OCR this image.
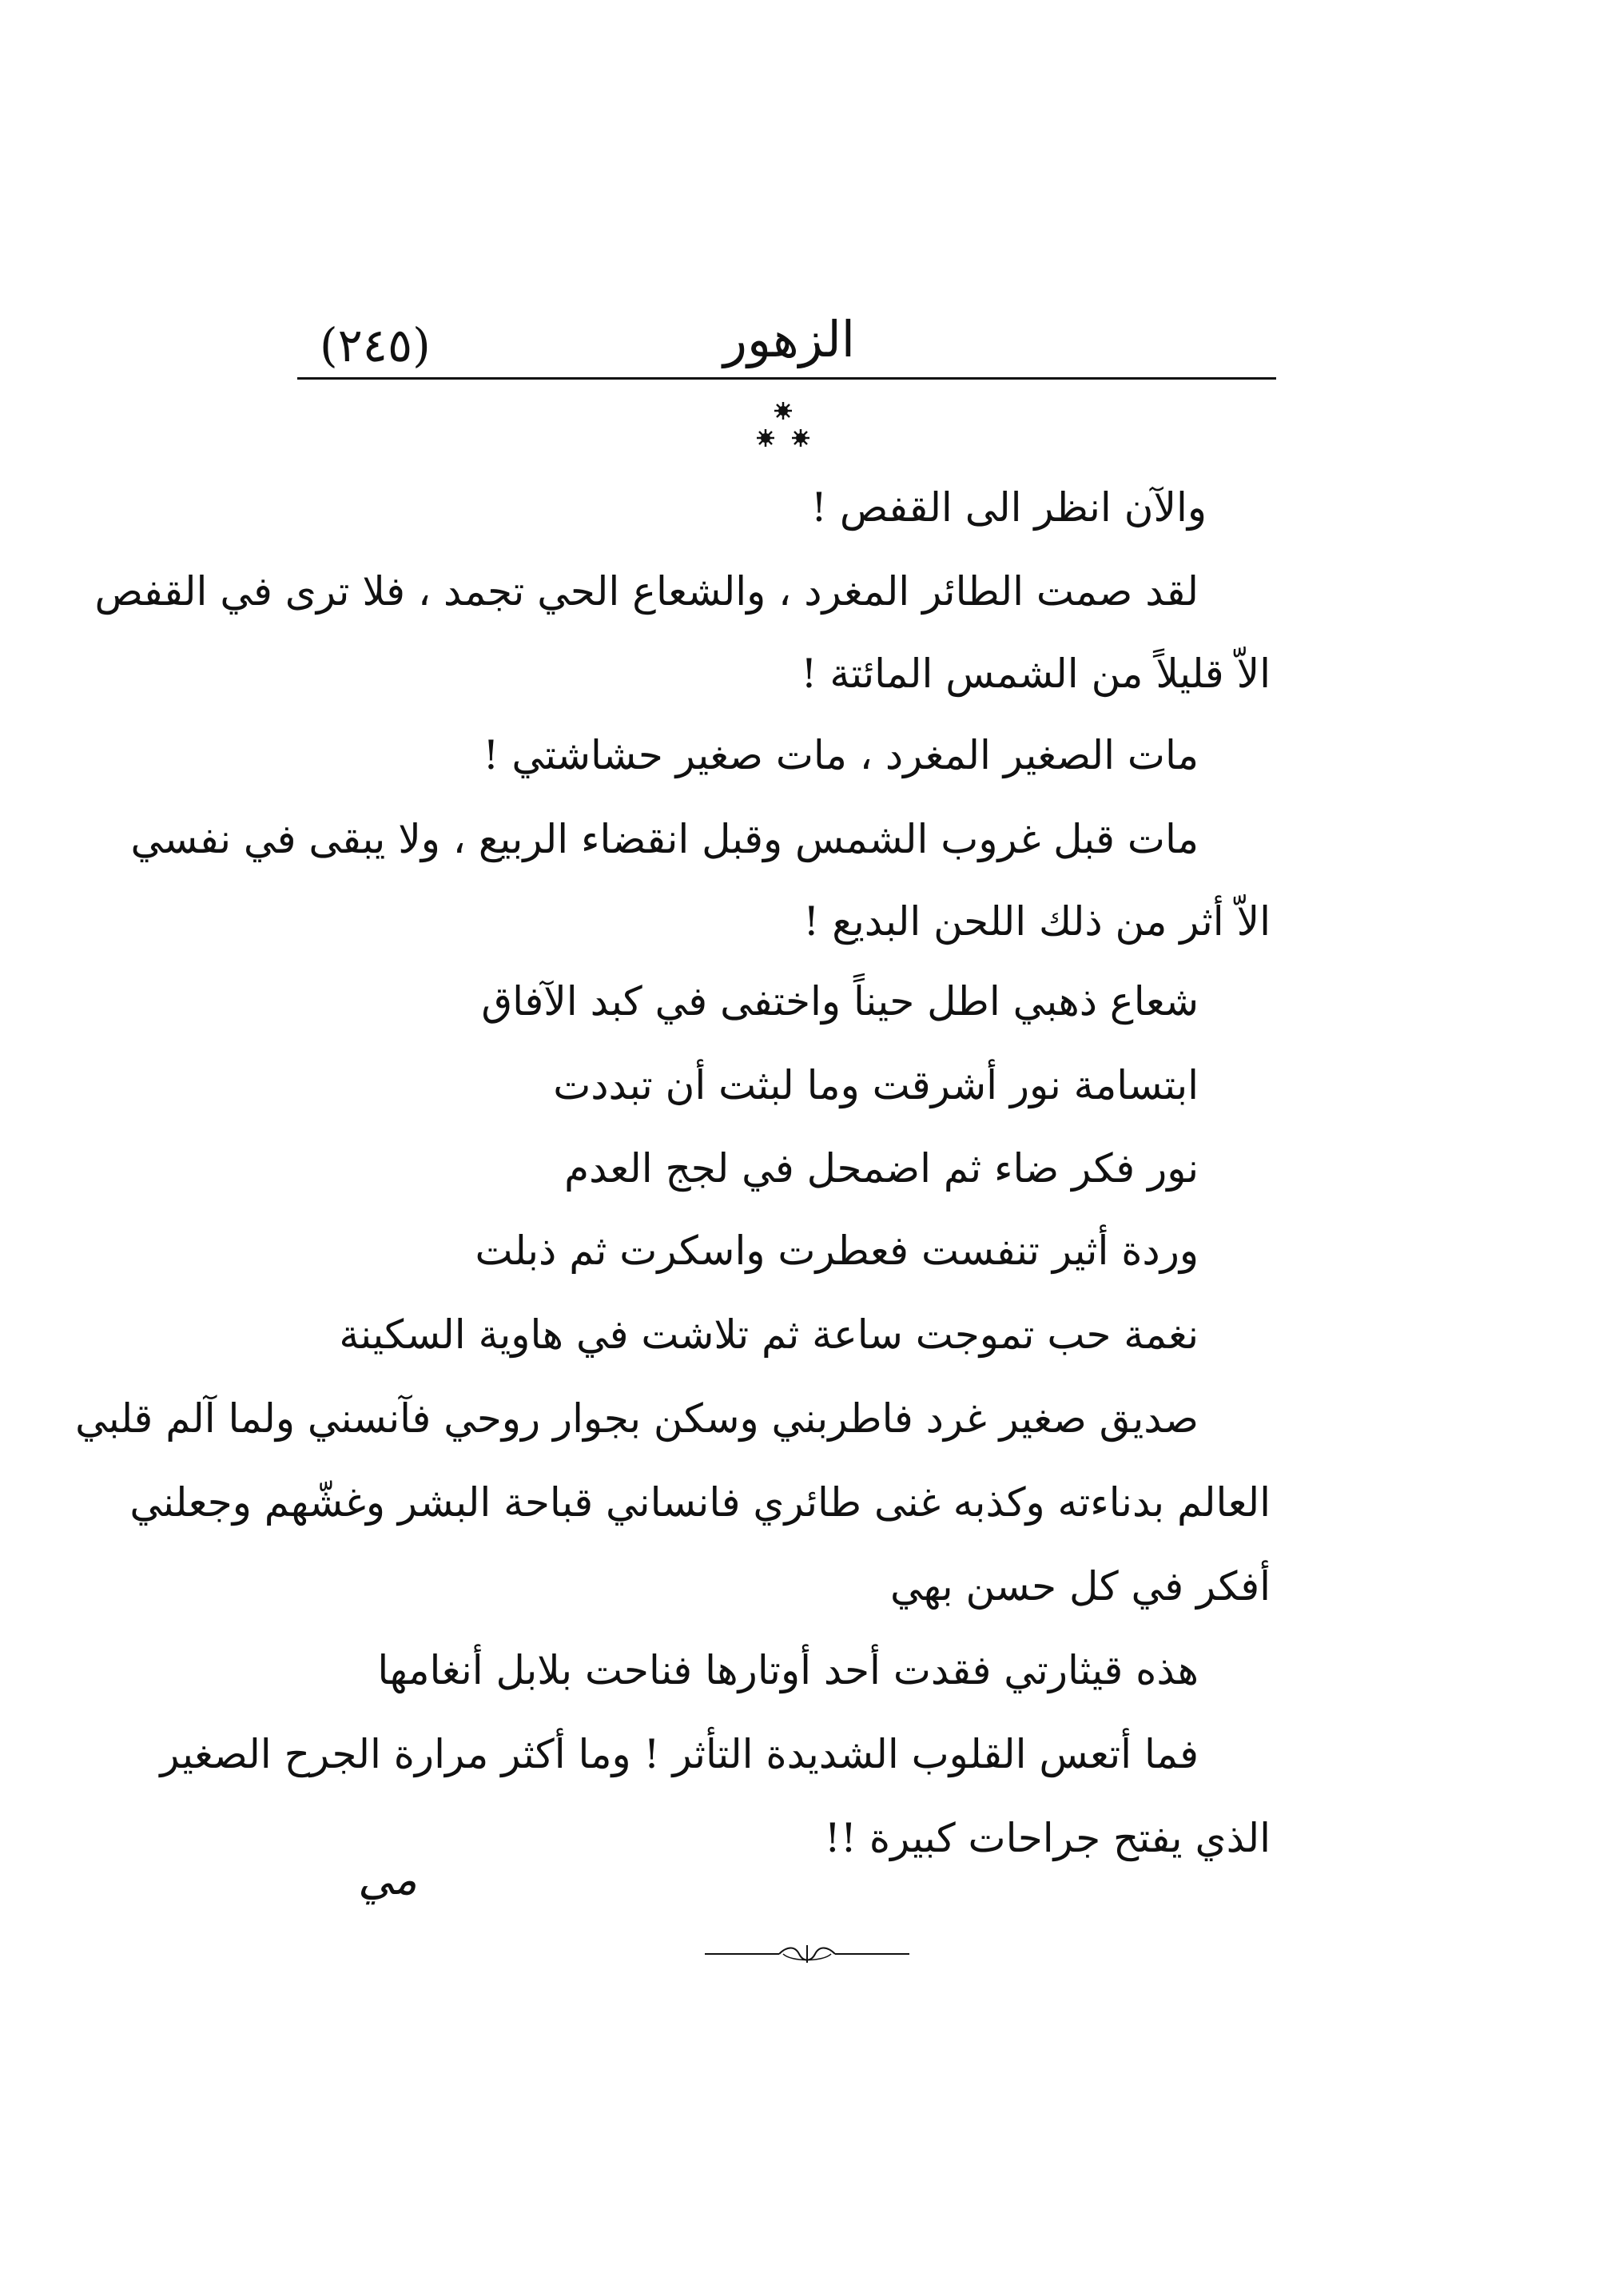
(٢٤٥)	الزهور
والآن انظر الى القفص !
لقد صمت الطائر المغرد ، والشعاع الحي تجمد ، فلا ترى في القفص
الاّ قليلاً من الشمس المائتة !
مات الصغير المغرد ، مات صغير حشاشتي !
مات قبل غروب الشمس وقبل انقضاء الربيع ، ولا يبقى في نفسي
الاّ أثر من ذلك اللحن البديع !
شعاع ذهبي اطل حيناً واختفى في كبد الآفاق
ابتسامة نور أشرقت وما لبثت أن تبددت
نور فكر ضاء ثم اضمحل في لجج العدم
وردة أثير تنفست فعطرت واسكرت ثم ذبلت
نغمة حب تموجت ساعة ثم تلاشت في هاوية السكينة
صديق صغير غرد فاطربني وسكن بجوار روحي فآنسني ولما آلم قلبي
العالم بدناءته وكذبه غنى طائري فانساني قباحة البشر وغشّهم وجعلني
أفكر في كل حسن بهي
هذه قيثارتي فقدت أحد أوتارها فناحت بلابل أنغامها
فما أتعس القلوب الشديدة التأثر ! وما أكثر مرارة الجرح الصغير
الذي يفتح جراحات كبيرة !!
مي
